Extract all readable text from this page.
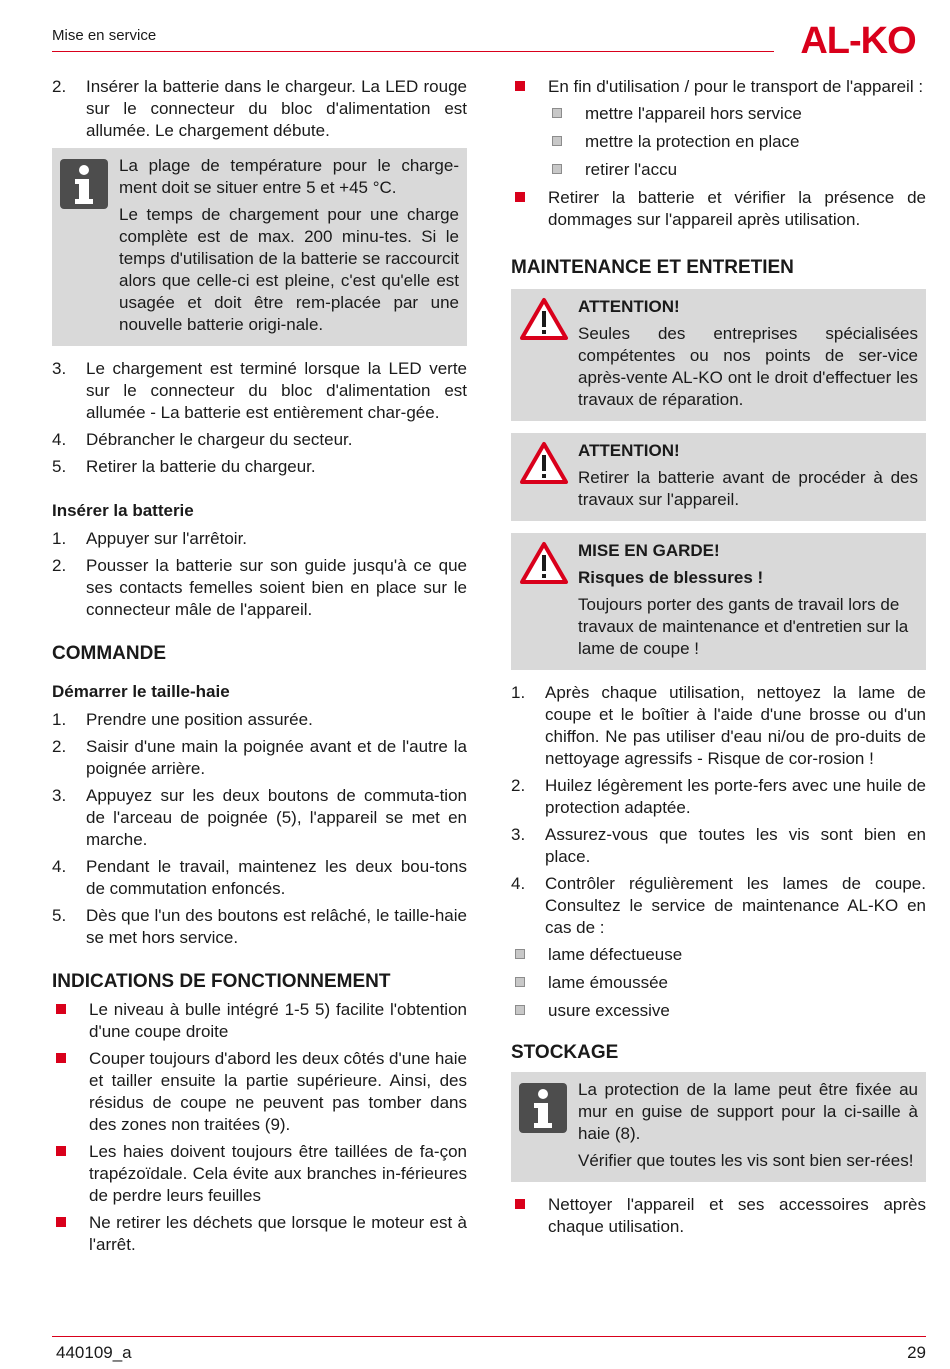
Mise en service	AL-KO
2.	Insérer la batterie dans le chargeur. La LED rouge sur le connecteur du bloc d'alimentation est allumée. Le chargement débute.

La plage de température pour le charge-ment doit se situer entre 5 et +45 °C.

Le temps de chargement pour une charge complète est de max. 200 minu-tes. Si le temps d'utilisation de la batterie se raccourcit alors que celle-ci est pleine, c'est qu'elle est usagée et doit être rem-placée par une nouvelle batterie origi-nale.

3.	Le chargement est terminé lorsque la LED verte sur le connecteur du bloc d'alimentation est allumée - La batterie est entièrement char-gée.
4.	Débrancher le chargeur du secteur.
5.	Retirer la batterie du chargeur.
Insérer la batterie
1.	Appuyer sur l'arrêtoir.
2.	Pousser la batterie sur son guide jusqu'à ce que ses contacts femelles soient bien en place sur le connecteur mâle de l'appareil.
COMMANDE
Démarrer le taille-haie
1.	Prendre une position assurée.
2.	Saisir d'une main la poignée avant et de l'autre la poignée arrière.
3.	Appuyez sur les deux boutons de commuta-tion de l'arceau de poignée (5), l'appareil se met en marche.
4.	Pendant le travail, maintenez les deux bou-tons de commutation enfoncés.
5.	Dès que l'un des boutons est relâché, le taille-haie se met hors service.
INDICATIONS DE FONCTIONNEMENT
Le niveau à bulle intégré 1-5 5) facilite l'obtention d'une coupe droite
Couper toujours d'abord les deux côtés d'une haie et tailler ensuite la partie supérieure. Ainsi, des résidus de coupe ne peuvent pas tomber dans des zones non traitées (9).
Les haies doivent toujours être taillées de fa-çon trapézoïdale. Cela évite aux branches in-férieures de perdre leurs feuilles
Ne retirer les déchets que lorsque le moteur est à l'arrêt.
En fin d'utilisation / pour le transport de l'appareil :
mettre l'appareil hors service
mettre la protection en place
retirer l'accu
Retirer la batterie et vérifier la présence de dommages sur l'appareil après utilisation.
MAINTENANCE ET ENTRETIEN

ATTENTION!

Seules des entreprises spécialisées compétentes ou nos points de ser-vice après-vente AL-KO ont le droit d'effectuer les travaux de réparation.

ATTENTION!

Retirer la batterie avant de procéder à des travaux sur l'appareil.

MISE EN GARDE!

Risques de blessures !

Toujours porter des gants de travail lors de travaux de maintenance et d'entretien sur la lame de coupe !

1.	Après chaque utilisation, nettoyez la lame de coupe et le boîtier à l'aide d'une brosse ou d'un chiffon. Ne pas utiliser d'eau ni/ou de pro-duits de nettoyage agressifs - Risque de cor-rosion !
2.	Huilez légèrement les porte-fers avec une huile de protection adaptée.
3.	Assurez-vous que toutes les vis sont bien en place.
4.	Contrôler régulièrement les lames de coupe. Consultez le service de maintenance AL-KO en cas de :
lame défectueuse
lame émoussée
usure excessive
STOCKAGE

La protection de la lame peut être fixée au mur en guise de support pour la ci-saille à haie (8).

Vérifier que toutes les vis sont bien ser-rées!

Nettoyer l'appareil et ses accessoires après chaque utilisation.
440109_a	29
